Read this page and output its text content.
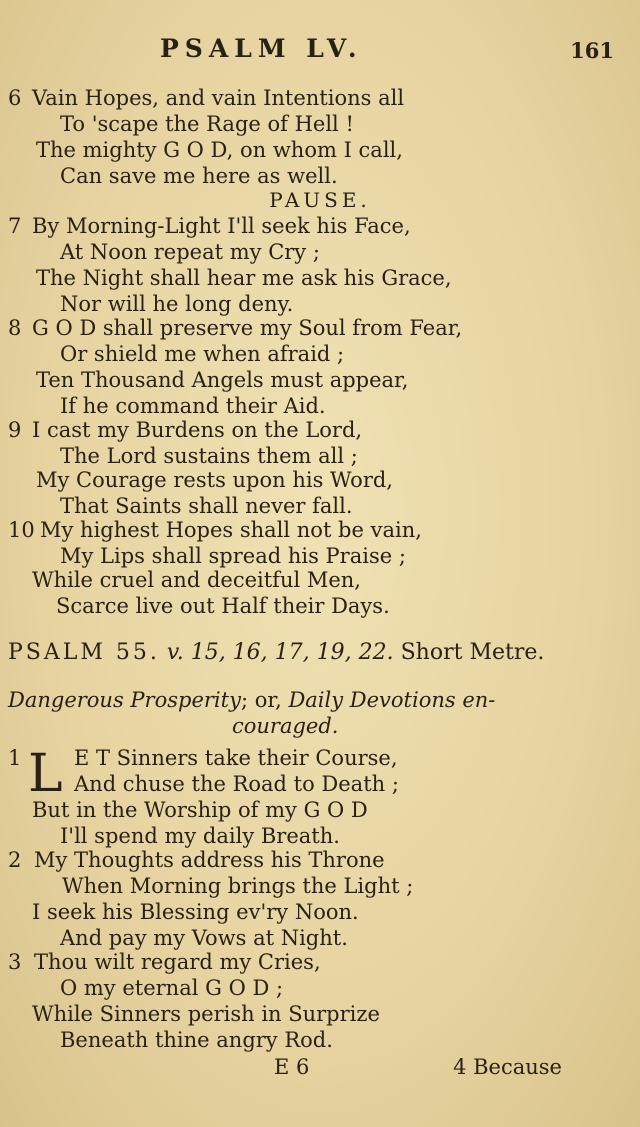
PSALM LV.	161
6 Vain Hopes, and vain Intentions all
To 'scape the Rage of Hell !
The mighty G O D, on whom I call,
Can save me here as well.
PAUSE.
7 By Morning-Light I'll seek his Face,
At Noon repeat my Cry ;
The Night shall hear me ask his Grace,
Nor will he long deny.
8 G O D shall preserve my Soul from Fear,
Or shield me when afraid ;
Ten Thousand Angels must appear,
If he command their Aid.
9 I cast my Burdens on the Lord,
The Lord sustains them all ;
My Courage rests upon his Word,
That Saints shall never fall.
10 My highest Hopes shall not be vain,
My Lips shall spread his Praise ;
While cruel and deceitful Men,
Scarce live out Half their Days.
PSALM 55. v. 15, 16, 17, 19, 22. Short Metre.
Dangerous Prosperity; or, Daily Devotions en-
couraged.
1	E T Sinners take their Course,
L And chuse the Road to Death ;
But in the Worship of my G O D
I'll spend my daily Breath.
2 My Thoughts address his Throne
When Morning brings the Light ;
I seek his Blessing ev'ry Noon.
And pay my Vows at Night.
3 Thou wilt regard my Cries,
O my eternal G O D ;
While Sinners perish in Surprize
Beneath thine angry Rod.
E 6	4 Because
